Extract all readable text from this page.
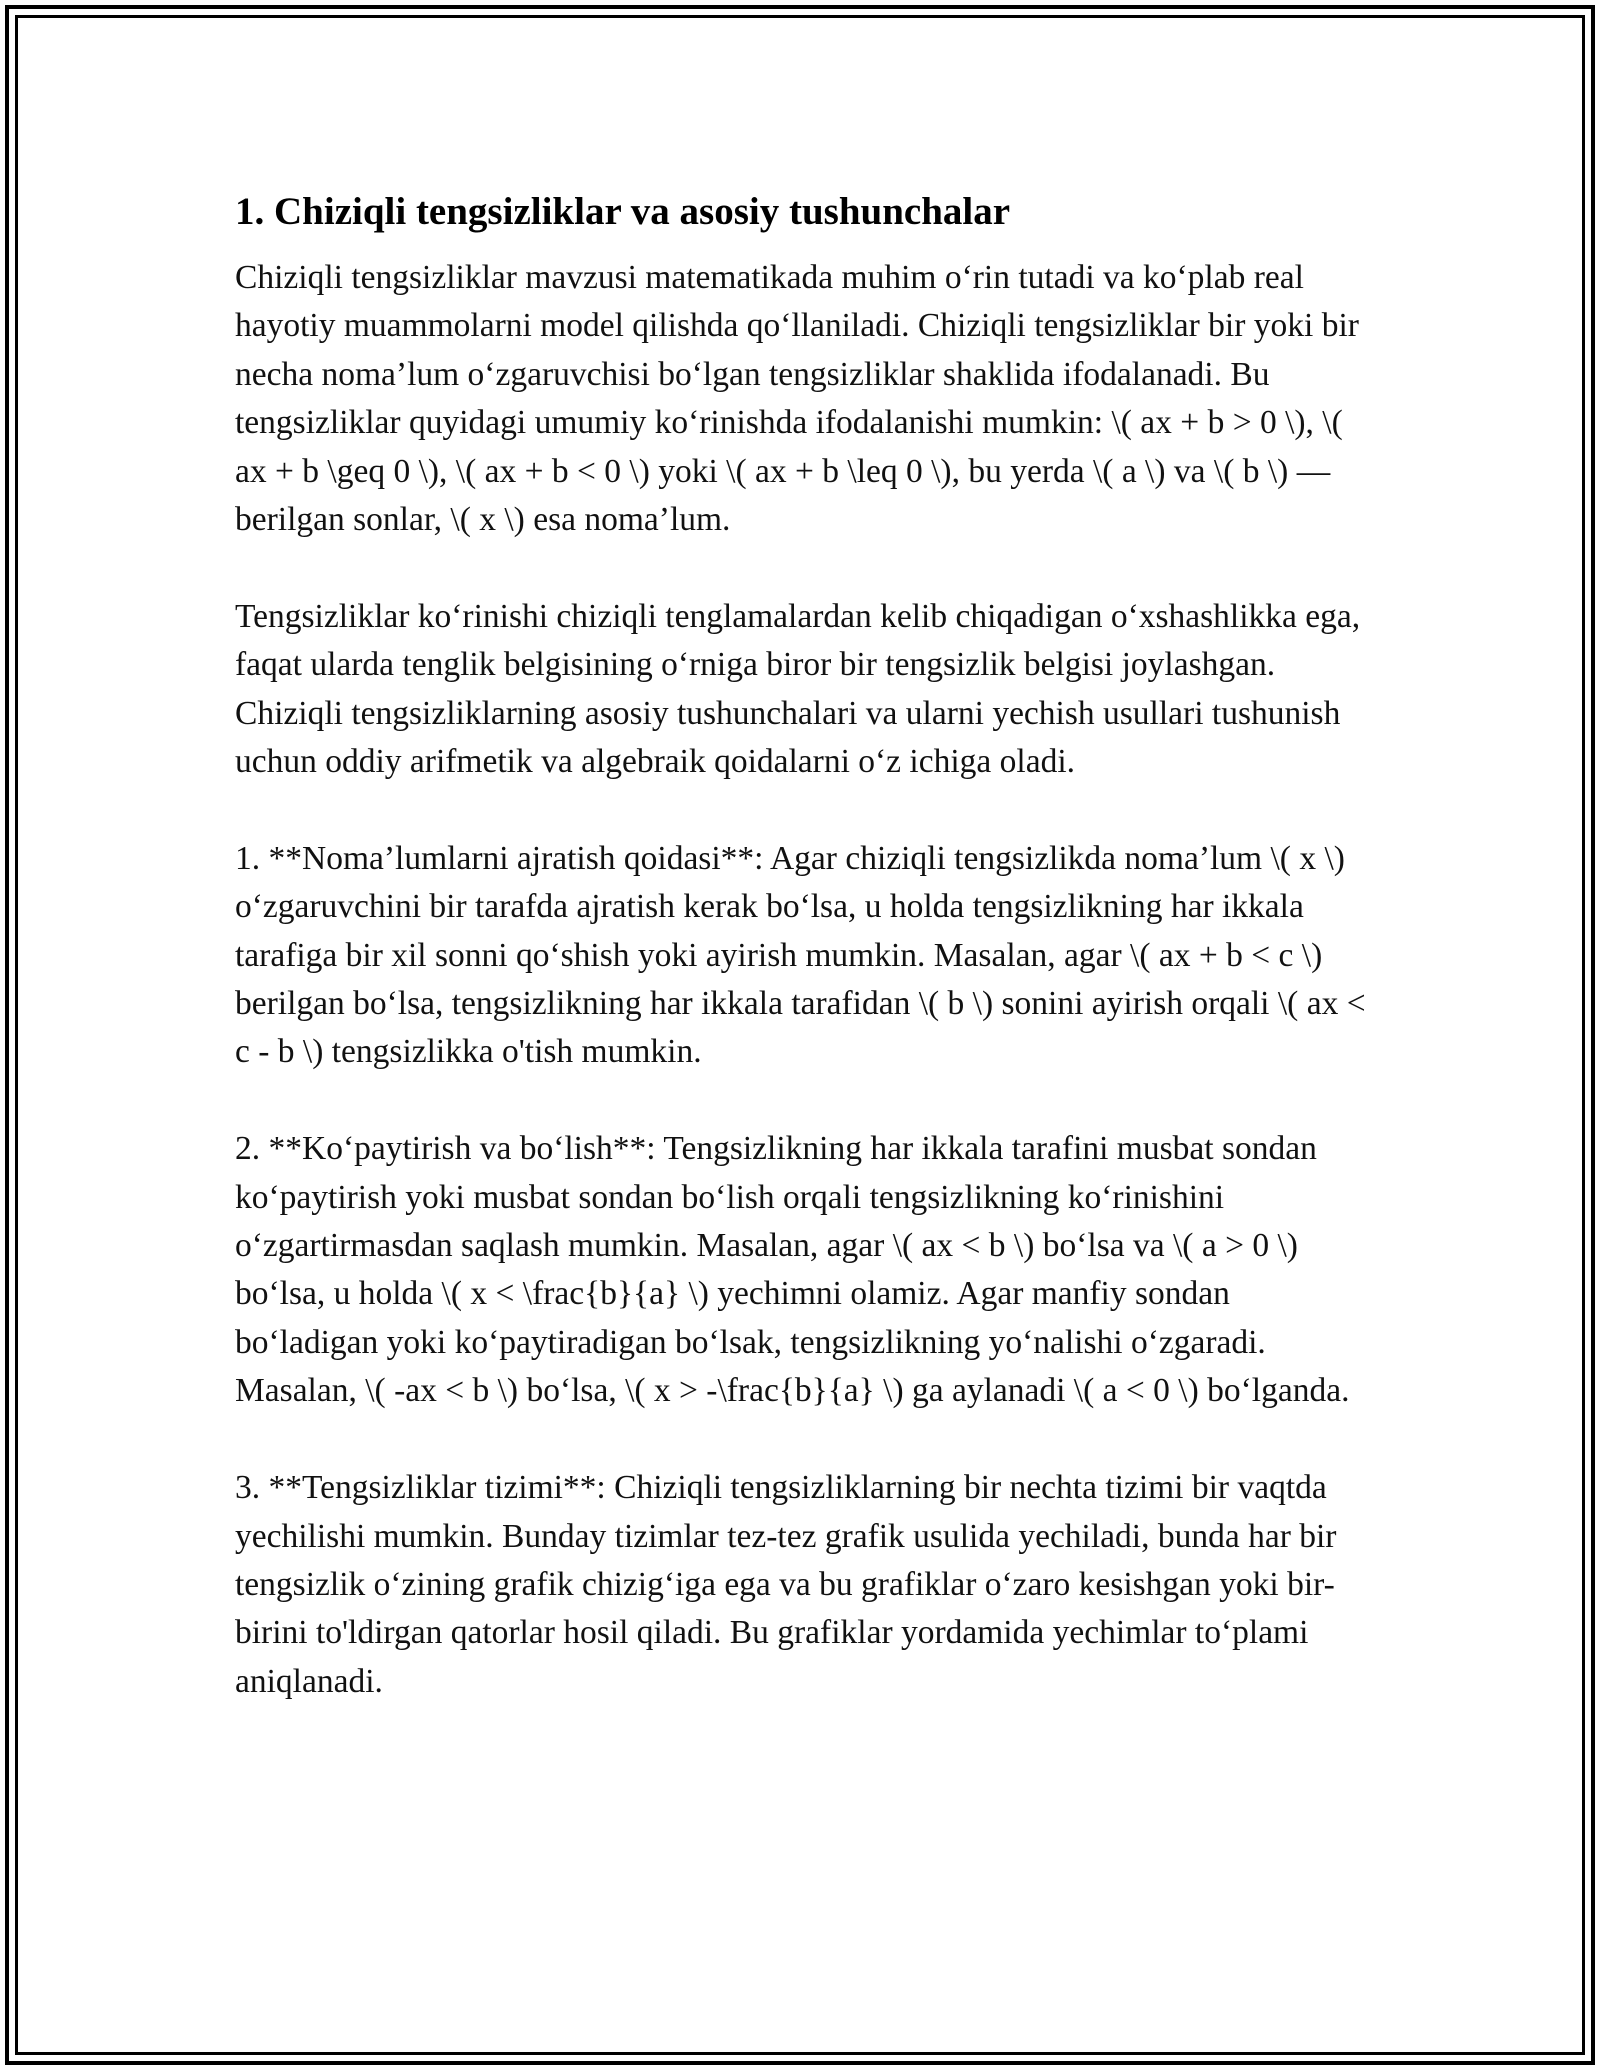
1. Chiziqli tengsizliklar va asosiy tushunchalar

Chiziqli tengsizliklar mavzusi matematikada muhim o‘rin tutadi va ko‘plab real hayotiy muammolarni model qilishda qo‘llaniladi. Chiziqli tengsizliklar bir yoki bir necha noma’lum o‘zgaruvchisi bo‘lgan tengsizliklar shaklida ifodalanadi. Bu tengsizliklar quyidagi umumiy ko‘rinishda ifodalanishi mumkin: \( ax + b > 0 \), \( ax + b \geq 0 \), \( ax + b < 0 \) yoki \( ax + b \leq 0 \), bu yerda \( a \) va \( b \) — berilgan sonlar, \( x \) esa noma’lum.

Tengsizliklar ko‘rinishi chiziqli tenglamalardan kelib chiqadigan o‘xshashlikka ega, faqat ularda tenglik belgisining o‘rniga biror bir tengsizlik belgisi joylashgan. Chiziqli tengsizliklarning asosiy tushunchalari va ularni yechish usullari tushunish uchun oddiy arifmetik va algebraik qoidalarni o‘z ichiga oladi.

1. **Noma’lumlarni ajratish qoidasi**: Agar chiziqli tengsizlikda noma’lum \( x \) o‘zgaruvchini bir tarafda ajratish kerak bo‘lsa, u holda tengsizlikning har ikkala tarafiga bir xil sonni qo‘shish yoki ayirish mumkin. Masalan, agar \( ax + b < c \) berilgan bo‘lsa, tengsizlikning har ikkala tarafidan \( b \) sonini ayirish orqali \( ax < c - b \) tengsizlikka o'tish mumkin.

2. **Ko‘paytirish va bo‘lish**: Tengsizlikning har ikkala tarafini musbat sondan ko‘paytirish yoki musbat sondan bo‘lish orqali tengsizlikning ko‘rinishini o‘zgartirmasdan saqlash mumkin. Masalan, agar \( ax < b \) bo‘lsa va \( a > 0 \) bo‘lsa, u holda \( x < \frac{b}{a} \) yechimni olamiz. Agar manfiy sondan bo‘ladigan yoki ko‘paytiradigan bo‘lsak, tengsizlikning yo‘nalishi o‘zgaradi. Masalan, \( -ax < b \) bo‘lsa, \( x > -\frac{b}{a} \) ga aylanadi \( a < 0 \) bo‘lganda.

3. **Tengsizliklar tizimi**: Chiziqli tengsizliklarning bir nechta tizimi bir vaqtda yechilishi mumkin. Bunday tizimlar tez-tez grafik usulida yechiladi, bunda har bir tengsizlik o‘zining grafik chizig‘iga ega va bu grafiklar o‘zaro kesishgan yoki bir-birini to'ldirgan qatorlar hosil qiladi. Bu grafiklar yordamida yechimlar to‘plami aniqlanadi.
